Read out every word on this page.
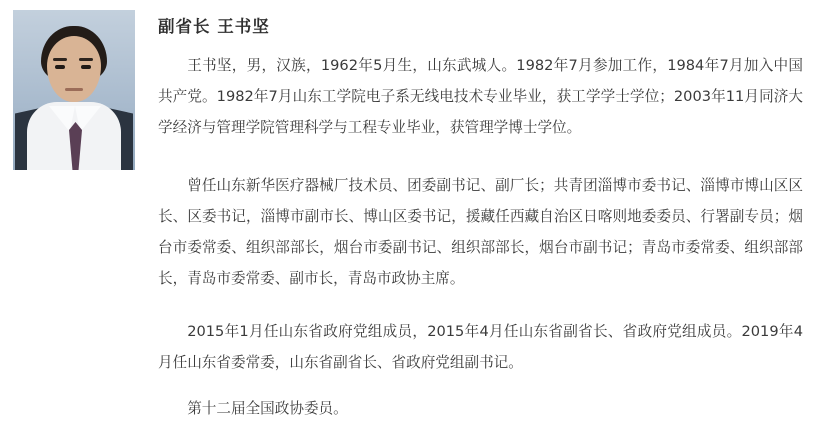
副省长 王书坚

王书坚，男，汉族，1962年5月生，山东武城人。1982年7月参加工作，1984年7月加入中国共产党。1982年7月山东工学院电子系无线电技术专业毕业，获工学学士学位；2003年11月同济大学经济与管理学院管理科学与工程专业毕业，获管理学博士学位。

曾任山东新华医疗器械厂技术员、团委副书记、副厂长；共青团淄博市委书记、淄博市博山区区长、区委书记，淄博市副市长、博山区委书记，援藏任西藏自治区日喀则地委委员、行署副专员；烟台市委常委、组织部部长，烟台市委副书记、组织部部长，烟台市副书记；青岛市委常委、组织部部长，青岛市委常委、副市长，青岛市政协主席。

2015年1月任山东省政府党组成员，2015年4月任山东省副省长、省政府党组成员。2019年4月任山东省委常委，山东省副省长、省政府党组副书记。

第十二届全国政协委员。
